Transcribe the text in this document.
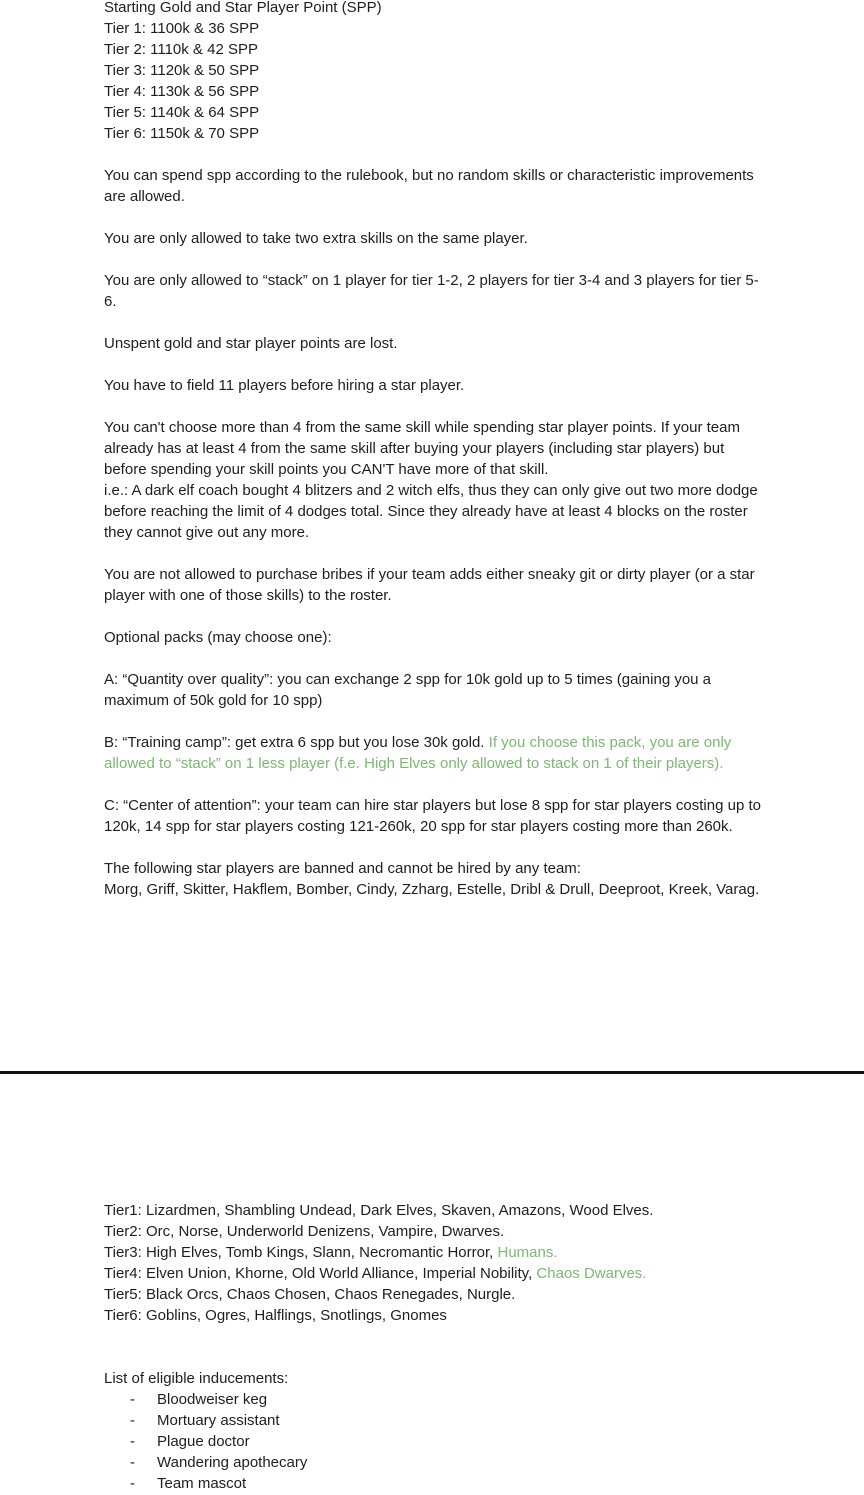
Starting Gold and Star Player Point (SPP)

Tier 1: 1100k & 36 SPP

Tier 2: 1110k & 42 SPP

Tier 3: 1120k & 50 SPP

Tier 4: 1130k & 56 SPP

Tier 5: 1140k & 64 SPP

Tier 6: 1150k & 70 SPP

You can spend spp according to the rulebook, but no random skills or characteristic improvements are allowed.

You are only allowed to take two extra skills on the same player.

You are only allowed to “stack” on 1 player for tier 1-2, 2 players for tier 3-4 and 3 players for tier 5-6.

Unspent gold and star player points are lost.

You have to field 11 players before hiring a star player.

You can't choose more than 4 from the same skill while spending star player points. If your team already has at least 4 from the same skill after buying your players (including star players) but before spending your skill points you CAN'T have more of that skill.

i.e.: A dark elf coach bought 4 blitzers and 2 witch elfs, thus they can only give out two more dodge before reaching the limit of 4 dodges total. Since they already have at least 4 blocks on the roster they cannot give out any more.

You are not allowed to purchase bribes if your team adds either sneaky git or dirty player (or a star player with one of those skills) to the roster.

Optional packs (may choose one):

A: “Quantity over quality”: you can exchange 2 spp for 10k gold up to 5 times (gaining you a maximum of 50k gold for 10 spp)

B: “Training camp”: get extra 6 spp but you lose 30k gold. If you choose this pack, you are only allowed to “stack” on 1 less player (f.e. High Elves only allowed to stack on 1 of their players).

C: “Center of attention”: your team can hire star players but lose 8 spp for star players costing up to 120k, 14 spp for star players costing 121-260k, 20 spp for star players costing more than 260k.

The following star players are banned and cannot be hired by any team:

Morg, Griff, Skitter, Hakflem, Bomber, Cindy, Zzharg, Estelle, Dribl & Drull, Deeproot, Kreek, Varag.

Tier1: Lizardmen, Shambling Undead, Dark Elves, Skaven, Amazons, Wood Elves.

Tier2: Orc, Norse, Underworld Denizens, Vampire, Dwarves.

Tier3: High Elves, Tomb Kings, Slann, Necromantic Horror, Humans.

Tier4: Elven Union, Khorne, Old World Alliance, Imperial Nobility, Chaos Dwarves.

Tier5: Black Orcs, Chaos Chosen, Chaos Renegades, Nurgle.

Tier6: Goblins, Ogres, Halflings, Snotlings, Gnomes

List of eligible inducements:

- Bloodweiser keg
- Mortuary assistant
- Plague doctor
- Wandering apothecary
- Team mascot
